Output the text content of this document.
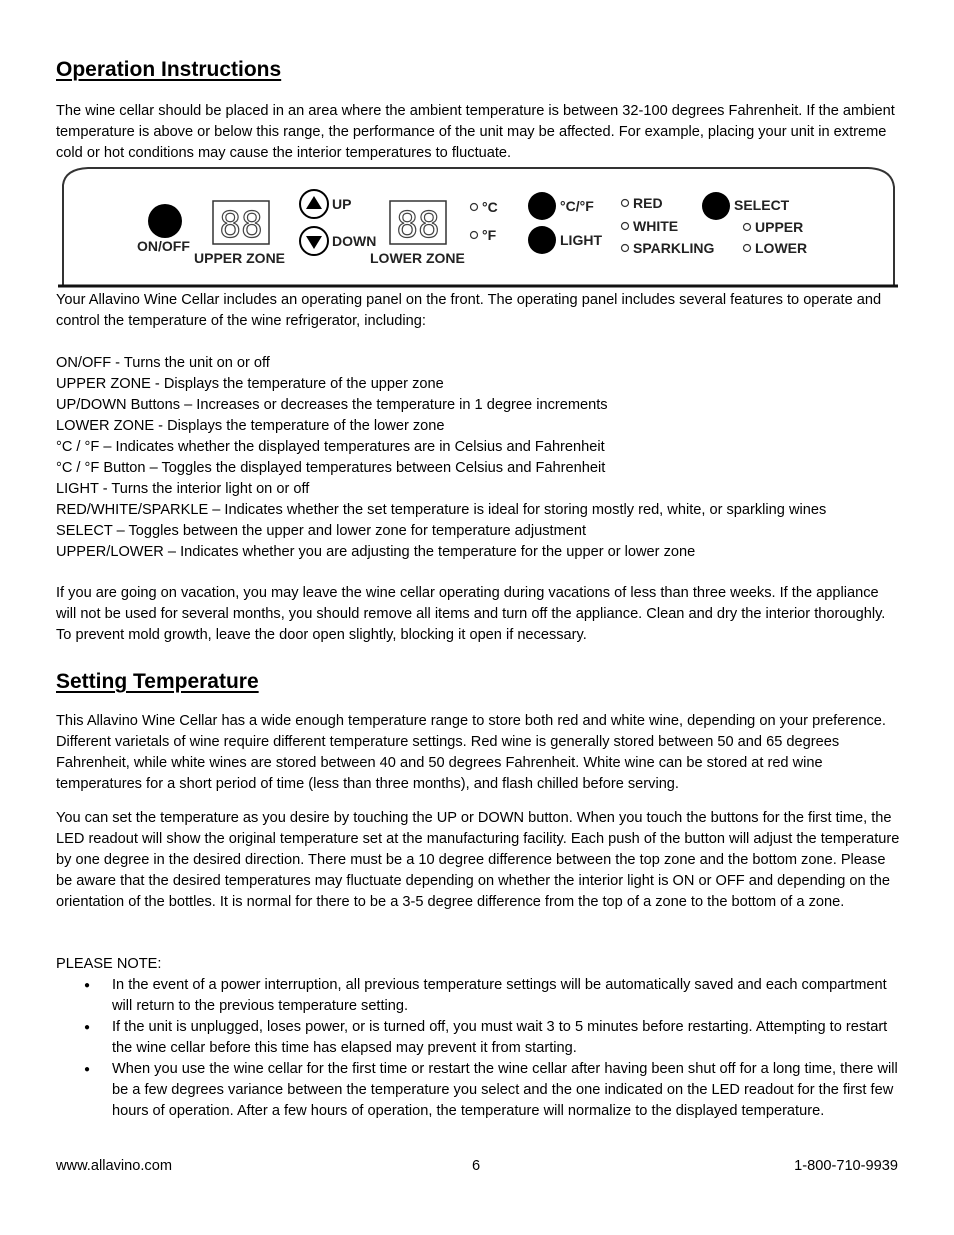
Operation Instructions

The wine cellar should be placed in an area where the ambient temperature is between 32-100 degrees Fahrenheit. If the ambient temperature is above or below this range, the performance of the unit may be affected. For example, placing your unit in extreme cold or hot conditions may cause the interior temperatures to fluctuate.

ON/OFF 88
UPPER ZONE
UP
DOWN 88
LOWER ZONE
°C
°F
°C/°F
LIGHT
RED
WHITE
SPARKLING
SELECT
UPPER
LOWER

Your Allavino Wine Cellar includes an operating panel on the front. The operating panel includes several features to operate and control the temperature of the wine refrigerator, including:

ON/OFF - Turns the unit on or off
UPPER ZONE - Displays the temperature of the upper zone
UP/DOWN Buttons – Increases or decreases the temperature in 1 degree increments
LOWER ZONE - Displays the temperature of the lower zone
°C / °F – Indicates whether the displayed temperatures are in Celsius and Fahrenheit
°C / °F Button – Toggles the displayed temperatures between Celsius and Fahrenheit
LIGHT - Turns the interior light on or off
RED/WHITE/SPARKLE – Indicates whether the set temperature is ideal for storing mostly red, white, or sparkling wines
SELECT – Toggles between the upper and lower zone for temperature adjustment
UPPER/LOWER – Indicates whether you are adjusting the temperature for the upper or lower zone

If you are going on vacation, you may leave the wine cellar operating during vacations of less than three weeks. If the appliance will not be used for several months, you should remove all items and turn off the appliance. Clean and dry the interior thoroughly. To prevent mold growth, leave the door open slightly, blocking it open if necessary.

Setting Temperature

This Allavino Wine Cellar has a wide enough temperature range to store both red and white wine, depending on your preference. Different varietals of wine require different temperature settings. Red wine is generally stored between 50 and 65 degrees Fahrenheit, while white wines are stored between 40 and 50 degrees Fahrenheit. White wine can be stored at red wine temperatures for a short period of time (less than three months), and flash chilled before serving.

You can set the temperature as you desire by touching the UP or DOWN button. When you touch the buttons for the first time, the LED readout will show the original temperature set at the manufacturing facility. Each push of the button will adjust the temperature by one degree in the desired direction. There must be a 10 degree difference between the top zone and the bottom zone. Please be aware that the desired temperatures may fluctuate depending on whether the interior light is ON or OFF and depending on the orientation of the bottles. It is normal for there to be a 3-5 degree difference from the top of a zone to the bottom of a zone.

PLEASE NOTE:

● In the event of a power interruption, all previous temperature settings will be automatically saved and each compartment will return to the previous temperature setting.
● If the unit is unplugged, loses power, or is turned off, you must wait 3 to 5 minutes before restarting. Attempting to restart the wine cellar before this time has elapsed may prevent it from starting.
● When you use the wine cellar for the first time or restart the wine cellar after having been shut off for a long time, there will be a few degrees variance between the temperature you select and the one indicated on the LED readout for the first few hours of operation. After a few hours of operation, the temperature will normalize to the displayed temperature.
www.allavino.com	6	1-800-710-9939
